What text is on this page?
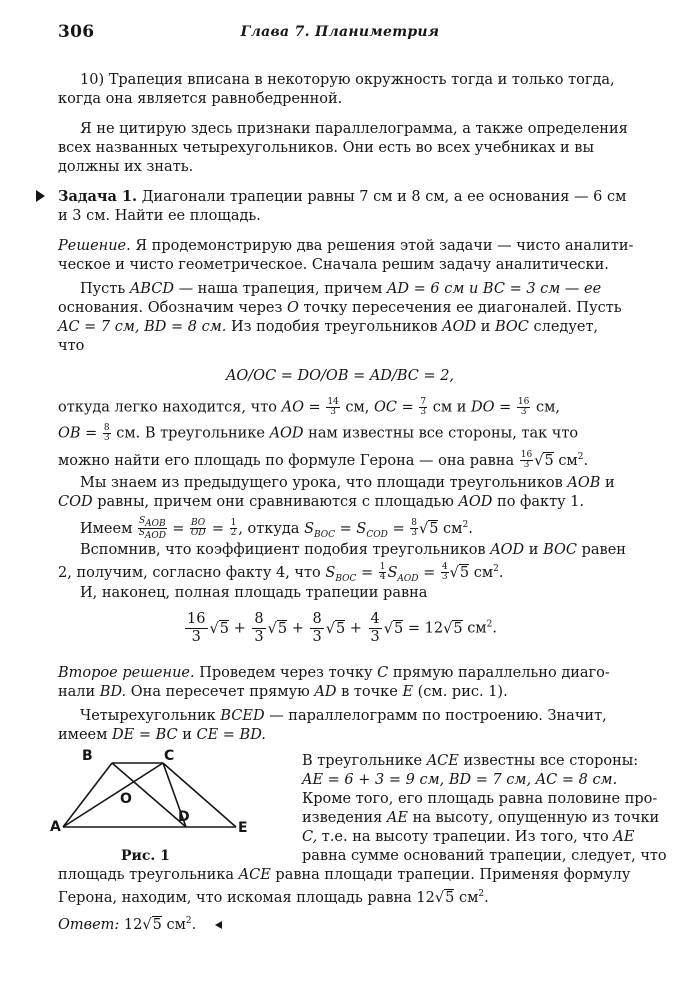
306	Глава 7. Планиметрия
10) Трапеция вписана в некоторую окружность тогда и только тогда,
когда она является равнобедренной.
Я не цитирую здесь признаки параллелограмма, а также определения
всех названных четырехугольников. Они есть во всех учебниках и вы
должны их знать.
Задача 1. Диагонали трапеции равны 7 см и 8 см, а ее основания — 6 см
и 3 см. Найти ее площадь.
Решение. Я продемонстрирую два решения этой задачи — чисто аналити-
ческое и чисто геометрическое. Сначала решим задачу аналитически.
Пусть ABCD — наша трапеция, причем AD = 6 см и BC = 3 см — ее
основания. Обозначим через O точку пересечения ее диагоналей. Пусть
AC = 7 см, BD = 8 см. Из подобия треугольников AOD и BOC следует,
что
AO/OC = DO/OB = AD/BC = 2,
откуда легко находится, что AO = $\frac{14}{3}$ см, OC = $\frac{7}{3}$ см и DO = $\frac{16}{3}$ см,
OB = $\frac{8}{3}$ см. В треугольнике AOD нам известны все стороны, так что
можно найти его площадь по формуле Герона — она равна $\frac{16}{3}$ √ 5 $см^2$.
Мы знаем из предыдущего урока, что площади треугольников AOB и
COD равны, причем они сравниваются с площадью AOD по факту 1.
Имеем $\frac{S_{AOB}}{S_{AOD}} = \frac{BO}{OD} = \frac{1}{2}$ , откуда $S_{BOC} = S_{COD} = \frac{8}{3}$ √ 5 $см^2$.
Вспомнив, что коэффициент подобия треугольников AOD и BOC равен
2, получим, согласно факту 4, что $S_{BOC} = \frac{1}{4} S_{AOD} = \frac{4}{3}$ √ 5 $см^2$.
И, наконец, полная площадь трапеции равна
$\frac{16}{3}$ √ $5 + \frac{8}{3}$ √ $5 + \frac{8}{3}$ √ $5 + \frac{4}{3}$ √ 5 = 12 √ 5 $см^2$.
Второе решение. Проведем через точку C прямую параллельно диаго-
нали BD. Она пересечет прямую AD в точке E (см. рис. 1).
Четырехугольник BCED — параллелограмм по построению. Значит,
имеем DE = BC и CE = BD.
В треугольнике ACE известны все стороны:
AE = 6 + 3 = 9 см, BD = 7 см, AC = 8 см.
Кроме того, его площадь равна половине про-
изведения AE на высоту, опущенную из точки
C, т.е. на высоту трапеции. Из того, что AE
равна сумме оснований трапеции, следует, что
площадь треугольника ACE равна площади трапеции. Применяя формулу
Герона, находим, что искомая площадь равна 12 √ 5 $см^2$.
Ответ: 12 √ 5 $см^2$.
B	C
O
A
D
E
Рис. 1
